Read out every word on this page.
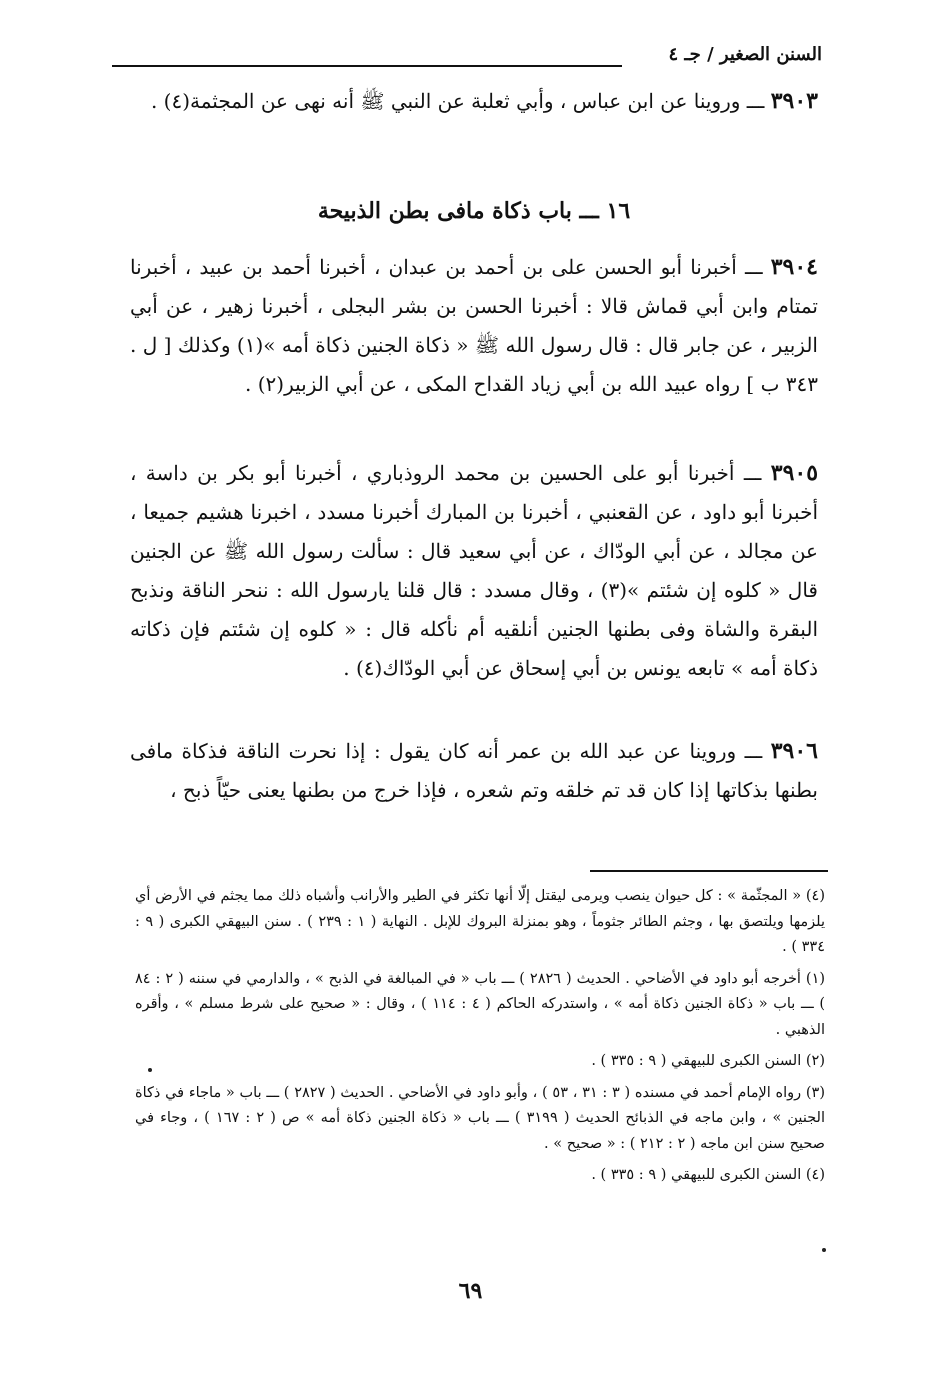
السنن الصغير / جـ ٤
٣٩٠٣ ـــ وروينا عن ابن عباس ، وأبي ثعلبة عن النبي ﷺ أنه نهى عن المجثمة(٤) .
١٦ ـــ باب ذكاة مافى بطن الذبيحة
٣٩٠٤ ـــ أخبرنا أبو الحسن على بن أحمد بن عبدان ، أخبرنا أحمد بن عبيد ، أخبرنا تمتام وابن أبي قماش قالا : أخبرنا الحسن بن بشر البجلى ، أخبرنا زهير ، عن أبي الزبير ، عن جابر قال : قال رسول الله ﷺ « ذكاة الجنين ذكاة أمه »(١) وكذلك [ ل . ٣٤٣ ب ] رواه عبيد الله بن أبي زياد القداح المكى ، عن أبي الزبير(٢) .
٣٩٠٥ ـــ أخبرنا أبو على الحسين بن محمد الروذباري ، أخبرنا أبو بكر بن داسة ، أخبرنا أبو داود ، عن القعنبي ، أخبرنا بن المبارك أخبرنا مسدد ، اخبرنا هشيم جميعا ، عن مجالد ، عن أبي الودّاك ، عن أبي سعيد قال : سألت رسول الله ﷺ عن الجنين قال « كلوه إن شئتم »(٣) ، وقال مسدد : قال قلنا يارسول الله : ننحر الناقة ونذبح البقرة والشاة وفى بطنها الجنين أنلقيه أم نأكله قال : « كلوه إن شئتم فإن ذكاته ذكاة أمه » تابعه يونس بن أبي إسحاق عن أبي الودّاك(٤) .
٣٩٠٦ ـــ وروينا عن عبد الله بن عمر أنه كان يقول : إذا نحرت الناقة فذكاة مافى بطنها بذكاتها إذا كان قد تم خلقه وتم شعره ، فإذا خرج من بطنها يعنى حيّاً ذبح ،

(٤) « المجثّمة » : كل حيوان ينصب ويرمى ليقتل إلّا أنها تكثر في الطير والأرانب وأشباه ذلك مما يجثم في الأرض أي يلزمها ويلتصق بها ، وجثم الطائر جثوماً ، وهو بمنزلة البروك للإبل . النهاية ( ١ : ٢٣٩ ) . سنن البيهقي الكبرى ( ٩ : ٣٣٤ ) .

(١) أخرجه أبو داود في الأضاحي . الحديث ( ٢٨٢٦ ) ـــ باب « في المبالغة في الذبح » ، والدارمي في سننه ( ٢ : ٨٤ ) ـــ باب « ذكاة الجنين ذكاة أمه » ، واستدركه الحاكم ( ٤ : ١١٤ ) ، وقال : « صحيح على شرط مسلم » ، وأقره الذهبي .

(٢) السنن الكبرى للبيهقي ( ٩ : ٣٣٥ ) .

(٣) رواه الإمام أحمد في مسنده ( ٣ : ٣١ ، ٥٣ ) ، وأبو داود في الأضاحي . الحديث ( ٢٨٢٧ ) ـــ باب « ماجاء في ذكاة الجنين » ، وابن ماجه في الذبائح الحديث ( ٣١٩٩ ) ـــ باب « ذكاة الجنين ذكاة أمه » ص ( ٢ : ١٦٧ ) ، وجاء في صحيح سنن ابن ماجه ( ٢ : ٢١٢ ) : « صحيح » .

(٤) السنن الكبرى للبيهقي ( ٩ : ٣٣٥ ) .

٦٩
